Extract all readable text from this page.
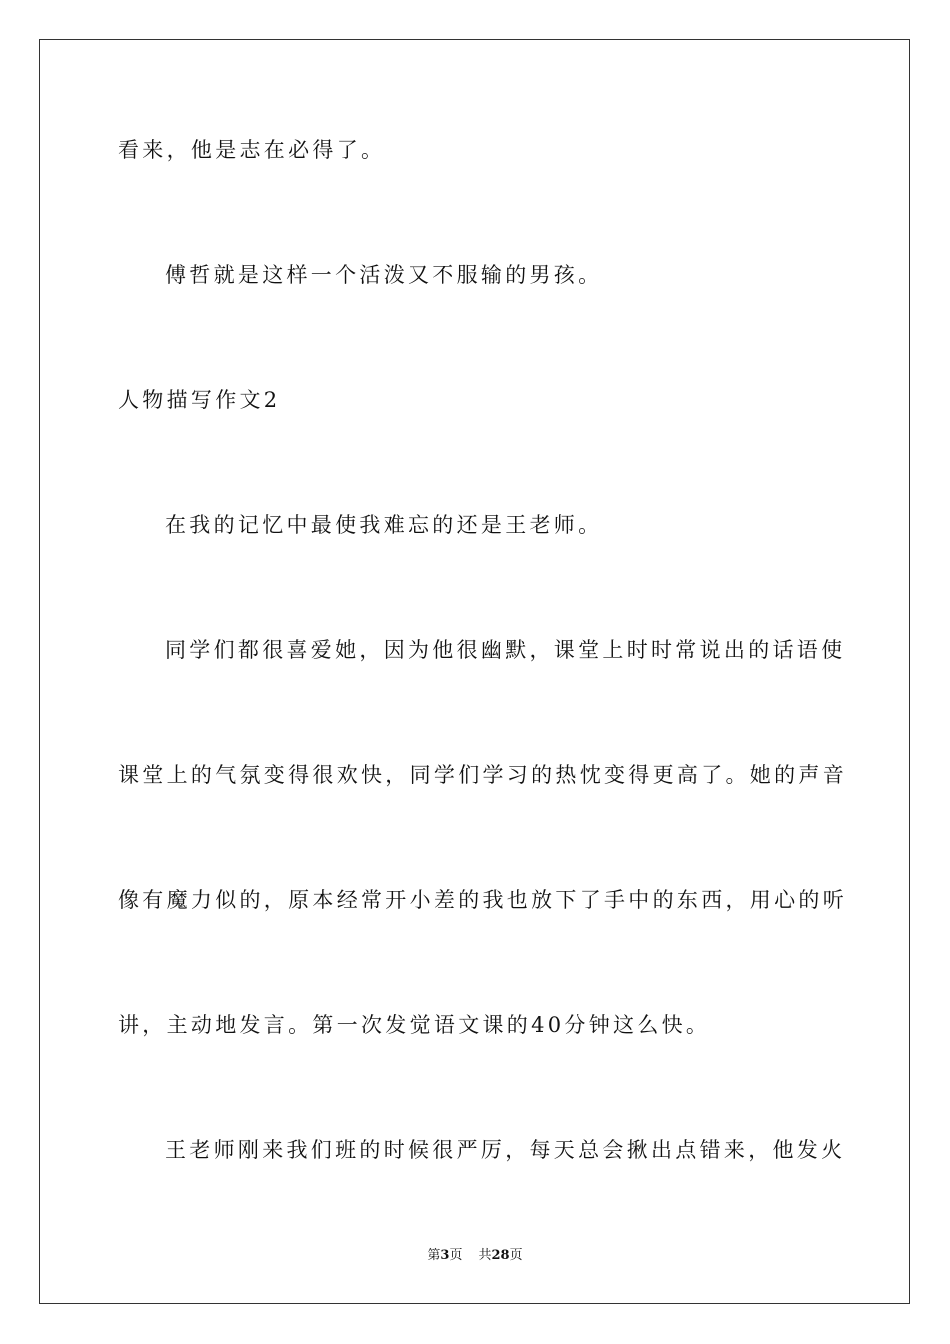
看来，他是志在必得了。
傅哲就是这样一个活泼又不服输的男孩。
人物描写作文2
在我的记忆中最使我难忘的还是王老师。
同学们都很喜爱她，因为他很幽默，课堂上时时常说出的话语使
课堂上的气氛变得很欢快，同学们学习的热忱变得更高了。她的声音
像有魔力似的，原本经常开小差的我也放下了手中的东西，用心的听
讲，主动地发言。第一次发觉语文课的40分钟这么快。
王老师刚来我们班的时候很严厉，每天总会揪出点错来，他发火
第3页 共28页
